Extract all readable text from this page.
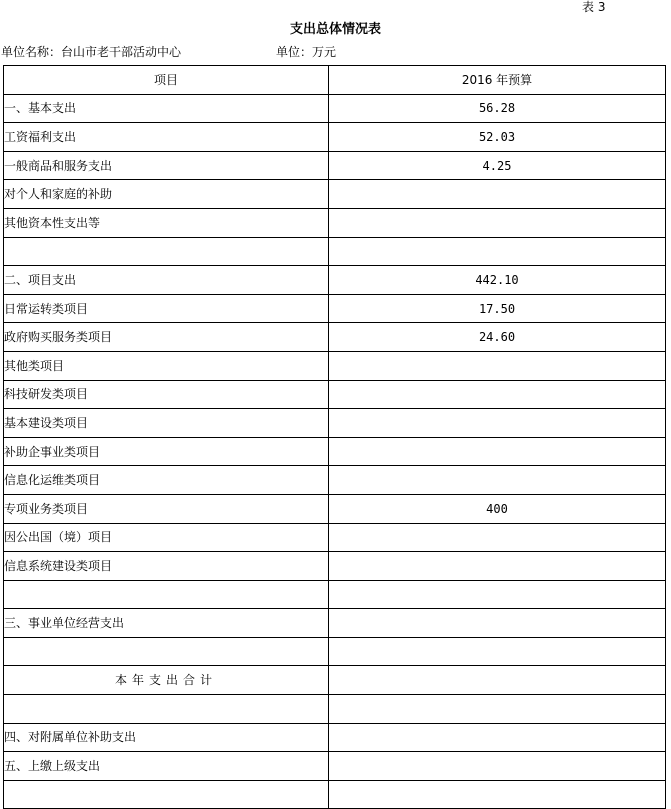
表 3
支出总体情况表
单位名称：台山市老干部活动中心	单位：万元
项目	2016 年预算
一、基本支出	56.28
工资福利支出	52.03
一般商品和服务支出	4.25
对个人和家庭的补助	
其他资本性支出等	

二、项目支出	442.10
日常运转类项目	17.50
政府购买服务类项目	24.60
其他类项目	
科技研发类项目	
基本建设类项目	
补助企事业类项目	
信息化运维类项目	
专项业务类项目	400
因公出国（境）项目	
信息系统建设类项目	

三、事业单位经营支出	

本年支出合计	

四、对附属单位补助支出	
五、上缴上级支出	
